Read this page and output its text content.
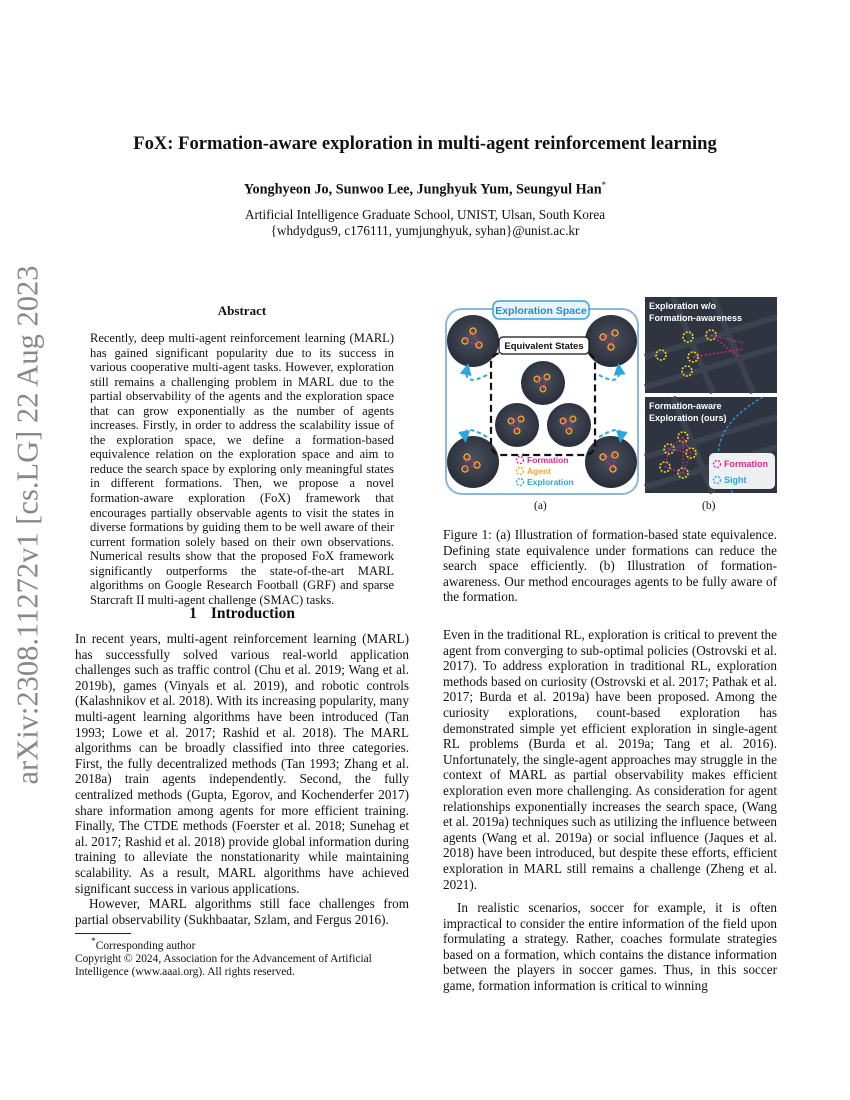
arXiv:2308.11272v1 [cs.LG] 22 Aug 2023
FoX: Formation-aware exploration in multi-agent reinforcement learning
Yonghyeon Jo, Sunwoo Lee, Junghyuk Yum, Seungyul Han*
Artificial Intelligence Graduate School, UNIST, Ulsan, South Korea
{whdydgus9, c176111, yumjunghyuk, syhan}@unist.ac.kr
Abstract
Recently, deep multi-agent reinforcement learning (MARL) has gained significant popularity due to its success in various cooperative multi-agent tasks. However, exploration still remains a challenging problem in MARL due to the partial observability of the agents and the exploration space that can grow exponentially as the number of agents increases. Firstly, in order to address the scalability issue of the exploration space, we define a formation-based equivalence relation on the exploration space and aim to reduce the search space by exploring only meaningful states in different formations. Then, we propose a novel formation-aware exploration (FoX) framework that encourages partially observable agents to visit the states in diverse formations by guiding them to be well aware of their current formation solely based on their own observations. Numerical results show that the proposed FoX framework significantly outperforms the state-of-the-art MARL algorithms on Google Research Football (GRF) and sparse Starcraft II multi-agent challenge (SMAC) tasks.
1 Introduction

In recent years, multi-agent reinforcement learning (MARL) has successfully solved various real-world application challenges such as traffic control (Chu et al. 2019; Wang et al. 2019b), games (Vinyals et al. 2019), and robotic controls (Kalashnikov et al. 2018). With its increasing popularity, many multi-agent learning algorithms have been introduced (Tan 1993; Lowe et al. 2017; Rashid et al. 2018). The MARL algorithms can be broadly classified into three categories. First, the fully decentralized methods (Tan 1993; Zhang et al. 2018a) train agents independently. Second, the fully centralized methods (Gupta, Egorov, and Kochenderfer 2017) share information among agents for more efficient training. Finally, The CTDE methods (Foerster et al. 2018; Sunehag et al. 2017; Rashid et al. 2018) provide global information during training to alleviate the nonstationarity while maintaining scalability. As a result, MARL algorithms have achieved significant success in various applications.

However, MARL algorithms still face challenges from partial observability (Sukhbaatar, Szlam, and Fergus 2016).

*Corresponding author

Copyright © 2024, Association for the Advancement of Artificial Intelligence (www.aaai.org). All rights reserved.

Exploration Space
Equivalent States
Formation
Agent
Exploration
Exploration w/o
Formation-awareness
Formation-aware
Exploration (ours)
Formation
Sight
(a)	(b)
Figure 1: (a) Illustration of formation-based state equivalence. Defining state equivalence under formations can reduce the search space efficiently. (b) Illustration of formation-awareness. Our method encourages agents to be fully aware of the formation.

Even in the traditional RL, exploration is critical to prevent the agent from converging to sub-optimal policies (Ostrovski et al. 2017). To address exploration in traditional RL, exploration methods based on curiosity (Ostrovski et al. 2017; Pathak et al. 2017; Burda et al. 2019a) have been proposed. Among the curiosity explorations, count-based exploration has demonstrated simple yet efficient exploration in single-agent RL problems (Burda et al. 2019a; Tang et al. 2016). Unfortunately, the single-agent approaches may struggle in the context of MARL as partial observability makes efficient exploration even more challenging. As consideration for agent relationships exponentially increases the search space, (Wang et al. 2019a) techniques such as utilizing the influence between agents (Wang et al. 2019a) or social influence (Jaques et al. 2018) have been introduced, but despite these efforts, efficient exploration in MARL still remains a challenge (Zheng et al. 2021).

In realistic scenarios, soccer for example, it is often impractical to consider the entire information of the field upon formulating a strategy. Rather, coaches formulate strategies based on a formation, which contains the distance information between the players in soccer games. Thus, in this soccer game, formation information is critical to winning
